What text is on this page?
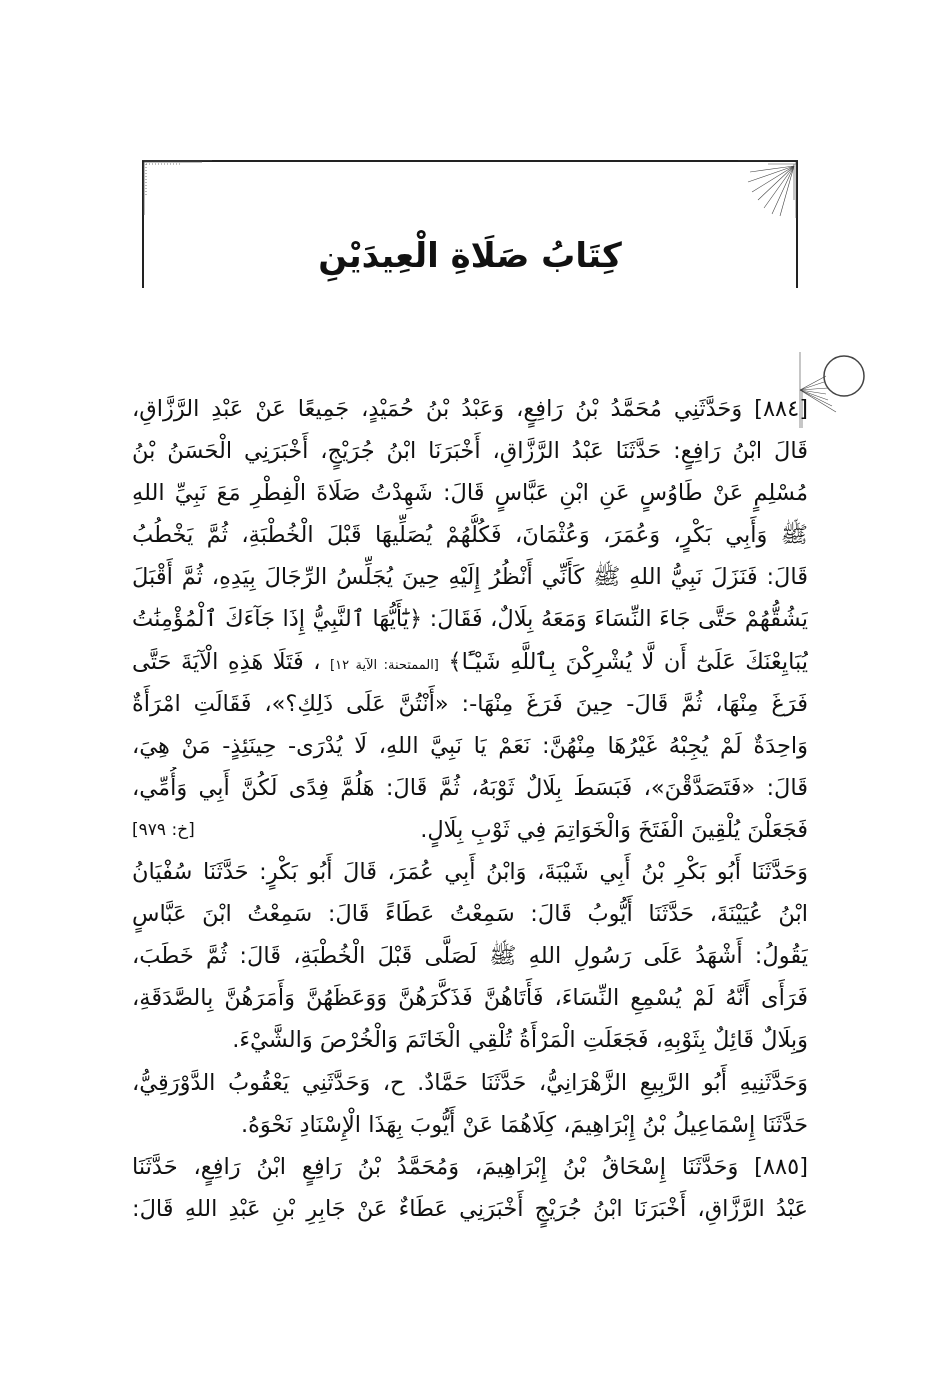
كِتَابُ صَلَاةِ الْعِيدَيْنِ
[٨٨٤] وَحَدَّثَنِي مُحَمَّدُ بْنُ رَافِعٍ، وَعَبْدُ بْنُ حُمَيْدٍ، جَمِيعًا عَنْ عَبْدِ الرَّزَّاقِ،
قَالَ ابْنُ رَافِعٍ: حَدَّثَنَا عَبْدُ الرَّزَّاقِ، أَخْبَرَنَا ابْنُ جُرَيْجٍ، أَخْبَرَنِي الْحَسَنُ بْنُ
مُسْلِمٍ عَنْ طَاوُسٍ عَنِ ابْنِ عَبَّاسٍ قَالَ: شَهِدْتُ صَلَاةَ الْفِطْرِ مَعَ نَبِيِّ اللهِ
ﷺ وَأَبِي بَكْرٍ، وَعُمَرَ، وَعُثْمَانَ، فَكُلُّهُمْ يُصَلِّيهَا قَبْلَ الْخُطْبَةِ، ثُمَّ يَخْطُبُ
قَالَ: فَنَزَلَ نَبِيُّ اللهِ ﷺ كَأَنِّي أَنْظُرُ إِلَيْهِ حِينَ يُجَلِّسُ الرِّجَالَ بِيَدِهِ، ثُمَّ أَقْبَلَ
يَشُقُّهُمْ حَتَّى جَاءَ النِّسَاءَ وَمَعَهُ بِلَالٌ، فَقَالَ: ﴿يَٰٓأَيُّهَا ٱلنَّبِيُّ إِذَا جَآءَكَ ٱلْمُؤْمِنَٰتُ
يُبَايِعْنَكَ عَلَىٰٓ أَن لَّا يُشْرِكْنَ بِٱللَّهِ شَيْـًٔا﴾ [الممتحنة: الآية ١٢] ، فَتَلَا هَذِهِ الْآيَةَ حَتَّى
فَرَغَ مِنْهَا، ثُمَّ قَالَ- حِينَ فَرَغَ مِنْهَا-: «أَنْتُنَّ عَلَى ذَلِكِ؟»، فَقَالَتِ امْرَأَةٌ
وَاحِدَةٌ لَمْ يُجِبْهُ غَيْرُهَا مِنْهُنَّ: نَعَمْ يَا نَبِيَّ اللهِ، لَا يُدْرَى- حِينَئِذٍ- مَنْ هِيَ،
قَالَ: «فَتَصَدَّقْنَ»، فَبَسَطَ بِلَالٌ ثَوْبَهُ، ثُمَّ قَالَ: هَلُمَّ فِدًى لَكُنَّ أَبِي وَأُمِّي،
فَجَعَلْنَ يُلْقِينَ الْفَتَخَ وَالْخَوَاتِمَ فِي ثَوْبِ بِلَالٍ.
[خ: ٩٧٩]
وَحَدَّثَنَا أَبُو بَكْرِ بْنُ أَبِي شَيْبَةَ، وَابْنُ أَبِي عُمَرَ، قَالَ أَبُو بَكْرٍ: حَدَّثَنَا سُفْيَانُ
ابْنُ عُيَيْنَةَ، حَدَّثَنَا أَيُّوبُ قَالَ: سَمِعْتُ عَطَاءً قَالَ: سَمِعْتُ ابْنَ عَبَّاسٍ
يَقُولُ: أَشْهَدُ عَلَى رَسُولِ اللهِ ﷺ لَصَلَّى قَبْلَ الْخُطْبَةِ، قَالَ: ثُمَّ خَطَبَ،
فَرَأَى أَنَّهُ لَمْ يُسْمِعِ النِّسَاءَ، فَأَتَاهُنَّ فَذَكَّرَهُنَّ وَوَعَظَهُنَّ وَأَمَرَهُنَّ بِالصَّدَقَةِ،
وَبِلَالٌ قَائِلٌ بِثَوْبِهِ، فَجَعَلَتِ الْمَرْأَةُ تُلْقِي الْخَاتَمَ وَالْخُرْصَ وَالشَّيْءَ.
وَحَدَّثَنِيهِ أَبُو الرَّبِيعِ الزَّهْرَانِيُّ، حَدَّثَنَا حَمَّادٌ. ح، وَحَدَّثَنِي يَعْقُوبُ الدَّوْرَقِيُّ،
حَدَّثَنَا إِسْمَاعِيلُ بْنُ إِبْرَاهِيمَ، كِلَاهُمَا عَنْ أَيُّوبَ بِهَذَا الْإِسْنَادِ نَحْوَهُ.
[٨٨٥] وَحَدَّثَنَا إِسْحَاقُ بْنُ إِبْرَاهِيمَ، وَمُحَمَّدُ بْنُ رَافِعٍ ابْنُ رَافِعٍ، حَدَّثَنَا
عَبْدُ الرَّزَّاقِ، أَخْبَرَنَا ابْنُ جُرَيْجٍ أَخْبَرَنِي عَطَاءٌ عَنْ جَابِرِ بْنِ عَبْدِ اللهِ قَالَ:
